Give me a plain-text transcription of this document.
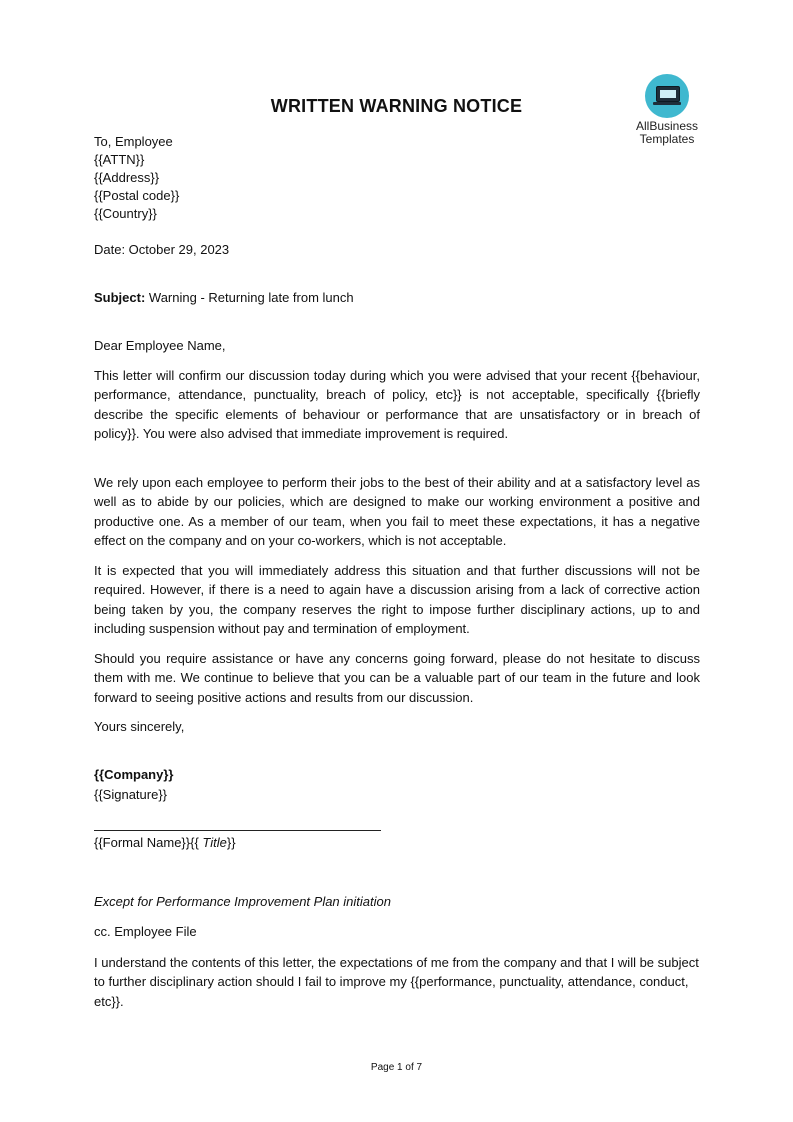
AllBusiness
Templates
WRITTEN WARNING NOTICE
To, Employee
{{ATTN}}
{{Address}}
{{Postal code}}
{{Country}}
Date: October 29, 2023
Subject: Warning - Returning late from lunch
Dear Employee Name,
This letter will confirm our discussion today during which you were advised that your recent {{behaviour, performance, attendance, punctuality, breach of policy, etc}} is not acceptable, specifically {{briefly describe the specific elements of behaviour or performance that are unsatisfactory or in breach of policy}}. You were also advised that immediate improvement is required.
We rely upon each employee to perform their jobs to the best of their ability and at a satisfactory level as well as to abide by our policies, which are designed to make our working environment a positive and productive one. As a member of our team, when you fail to meet these expectations, it has a negative effect on the company and on your co-workers, which is not acceptable.
It is expected that you will immediately address this situation and that further discussions will not be required. However, if there is a need to again have a discussion arising from a lack of corrective action being taken by you, the company reserves the right to impose further disciplinary actions, up to and including suspension without pay and termination of employment.
Should you require assistance or have any concerns going forward, please do not hesitate to discuss them with me. We continue to believe that you can be a valuable part of our team in the future and look forward to seeing positive actions and results from our discussion.
Yours sincerely,
{{Company}}
{{Signature}}
{{Formal Name}}{{ Title}}
Except for Performance Improvement Plan initiation
cc. Employee File
I understand the contents of this letter, the expectations of me from the company and that I will be subject to further disciplinary action should I fail to improve my {{performance, punctuality, attendance, conduct, etc}}.
Page 1 of 7
